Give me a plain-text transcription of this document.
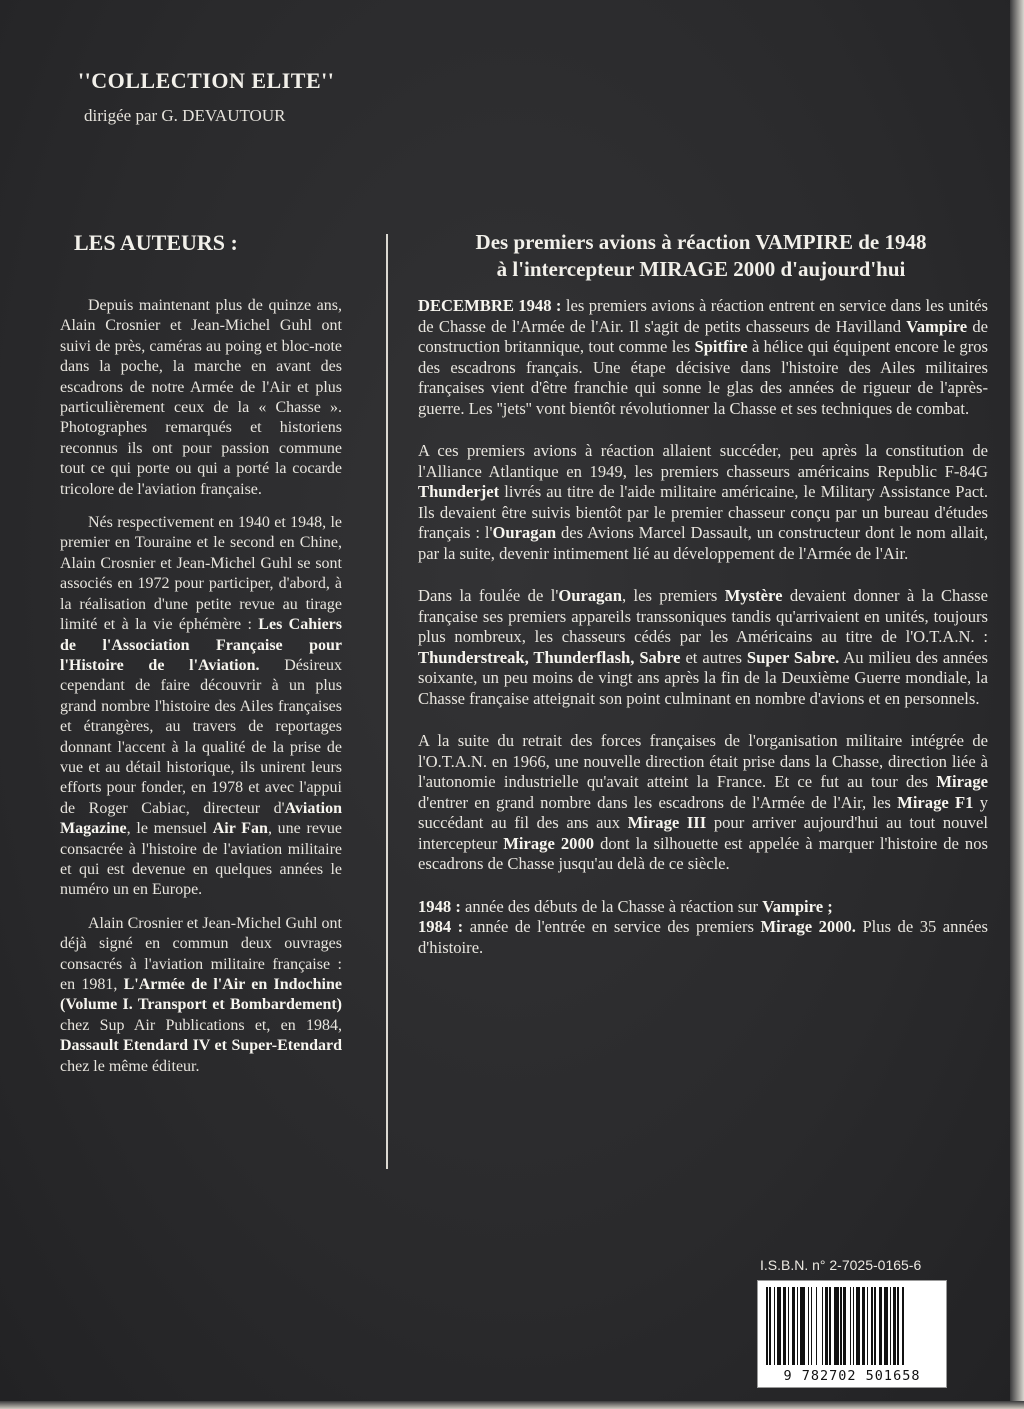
''COLLECTION ELITE''
dirigée par G. DEVAUTOUR
LES AUTEURS :

Depuis maintenant plus de quinze ans, Alain Crosnier et Jean-Michel Guhl ont suivi de près, caméras au poing et bloc-note dans la poche, la marche en avant des escadrons de notre Armée de l'Air et plus particulièrement ceux de la « Chasse ». Photographes remarqués et historiens reconnus ils ont pour passion commune tout ce qui porte ou qui a porté la cocarde tricolore de l'aviation française.

Nés respectivement en 1940 et 1948, le premier en Touraine et le second en Chine, Alain Crosnier et Jean-Michel Guhl se sont associés en 1972 pour participer, d'abord, à la réalisation d'une petite revue au tirage limité et à la vie éphémère : Les Cahiers de l'Association Française pour l'Histoire de l'Aviation. Désireux cependant de faire découvrir à un plus grand nombre l'histoire des Ailes françaises et étrangères, au travers de reportages donnant l'accent à la qualité de la prise de vue et au détail historique, ils unirent leurs efforts pour fonder, en 1978 et avec l'appui de Roger Cabiac, directeur d'Aviation Magazine, le mensuel Air Fan, une revue consacrée à l'histoire de l'aviation militaire et qui est devenue en quelques années le numéro un en Europe.

Alain Crosnier et Jean-Michel Guhl ont déjà signé en commun deux ouvrages consacrés à l'aviation militaire française : en 1981, L'Armée de l'Air en Indochine (Volume I. Transport et Bombardement) chez Sup Air Publications et, en 1984, Dassault Etendard IV et Super-Etendard chez le même éditeur.

Des premiers avions à réaction VAMPIRE de 1948
à l'intercepteur MIRAGE 2000 d'aujourd'hui

DECEMBRE 1948 : les premiers avions à réaction entrent en service dans les unités de Chasse de l'Armée de l'Air. Il s'agit de petits chasseurs de Havilland Vampire de construction britannique, tout comme les Spitfire à hélice qui équipent encore le gros des escadrons français. Une étape décisive dans l'histoire des Ailes militaires françaises vient d'être franchie qui sonne le glas des années de rigueur de l'après-guerre. Les ''jets'' vont bientôt révolutionner la Chasse et ses techniques de combat.

A ces premiers avions à réaction allaient succéder, peu après la constitution de l'Alliance Atlantique en 1949, les premiers chasseurs américains Republic F-84G Thunderjet livrés au titre de l'aide militaire américaine, le Military Assistance Pact. Ils devaient être suivis bientôt par le premier chasseur conçu par un bureau d'études français : l'Ouragan des Avions Marcel Dassault, un constructeur dont le nom allait, par la suite, devenir intimement lié au développement de l'Armée de l'Air.

Dans la foulée de l'Ouragan, les premiers Mystère devaient donner à la Chasse française ses premiers appareils transsoniques tandis qu'arrivaient en unités, toujours plus nombreux, les chasseurs cédés par les Américains au titre de l'O.T.A.N. : Thunderstreak, Thunderflash, Sabre et autres Super Sabre. Au milieu des années soixante, un peu moins de vingt ans après la fin de la Deuxième Guerre mondiale, la Chasse française atteignait son point culminant en nombre d'avions et en personnels.

A la suite du retrait des forces françaises de l'organisation militaire intégrée de l'O.T.A.N. en 1966, une nouvelle direction était prise dans la Chasse, direction liée à l'autonomie industrielle qu'avait atteint la France. Et ce fut au tour des Mirage d'entrer en grand nombre dans les escadrons de l'Armée de l'Air, les Mirage F1 y succédant au fil des ans aux Mirage III pour arriver aujourd'hui au tout nouvel intercepteur Mirage 2000 dont la silhouette est appelée à marquer l'histoire de nos escadrons de Chasse jusqu'au delà de ce siècle.

1948 : année des débuts de la Chasse à réaction sur Vampire ;
1984 : année de l'entrée en service des premiers Mirage 2000. Plus de 35 années d'histoire.

I.S.B.N. n° 2-7025-0165-6
9 782702 501658
